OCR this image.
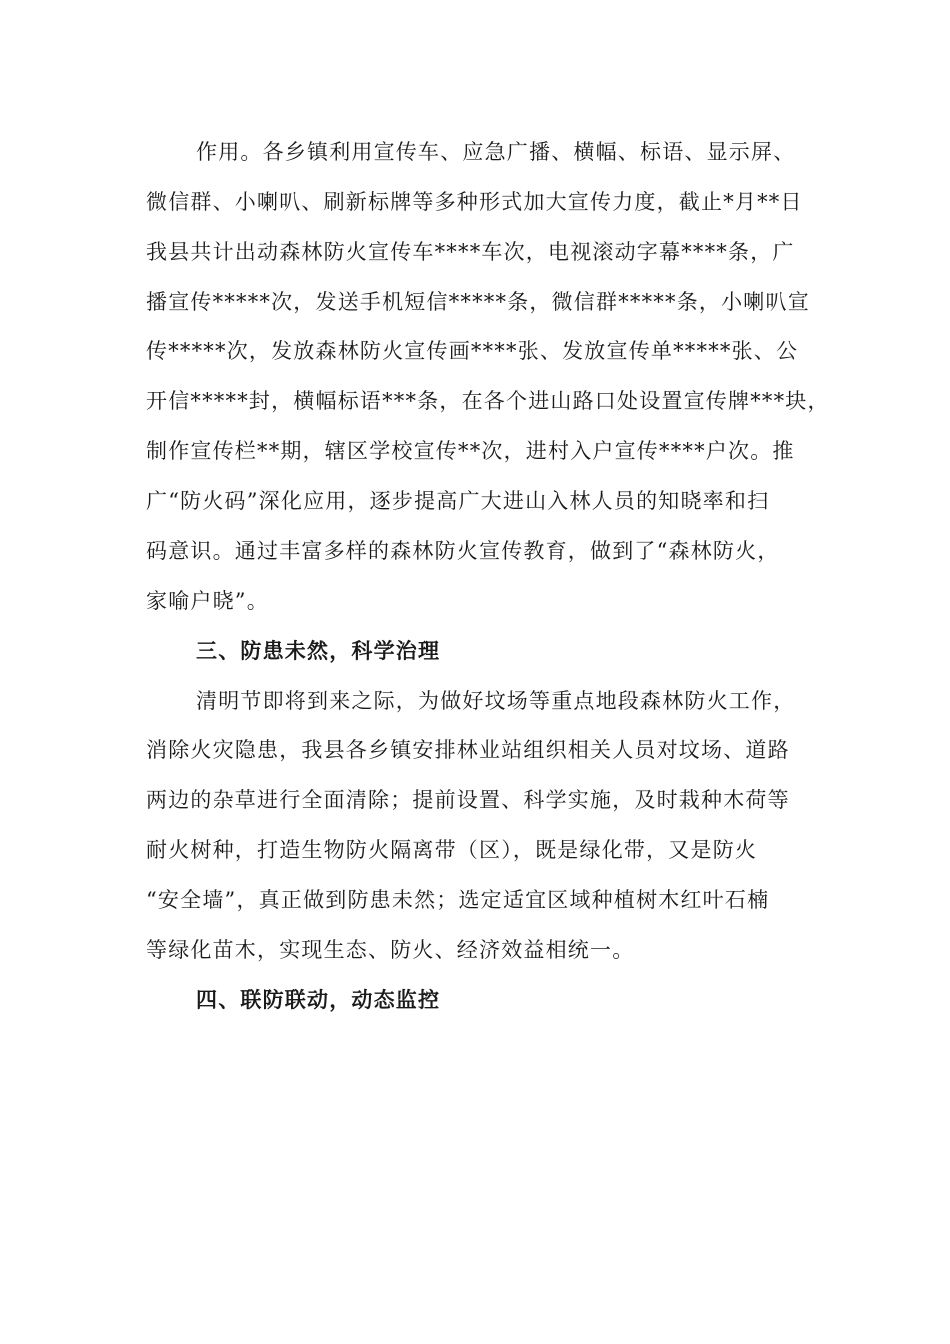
作用。各乡镇利用宣传车、应急广播、横幅、标语、显示屏、
微信群、小喇叭、刷新标牌等多种形式加大宣传力度，截止*月**日
我县共计出动森林防火宣传车****车次，电视滚动字幕****条，广
播宣传*****次，发送手机短信*****条，微信群*****条，小喇叭宣
传*****次，发放森林防火宣传画****张、发放宣传单*****张、公
开信*****封，横幅标语***条，在各个进山路口处设置宣传牌***块，
制作宣传栏**期，辖区学校宣传**次，进村入户宣传****户次。推
广“防火码”深化应用，逐步提高广大进山入林人员的知晓率和扫
码意识。通过丰富多样的森林防火宣传教育，做到了“森林防火，
家喻户晓”。
三、防患未然，科学治理
清明节即将到来之际，为做好坟场等重点地段森林防火工作，
消除火灾隐患，我县各乡镇安排林业站组织相关人员对坟场、道路
两边的杂草进行全面清除；提前设置、科学实施，及时栽种木荷等
耐火树种，打造生物防火隔离带（区），既是绿化带，又是防火
“安全墙”，真正做到防患未然；选定适宜区域种植树木红叶石楠
等绿化苗木，实现生态、防火、经济效益相统一。
四、联防联动，动态监控
